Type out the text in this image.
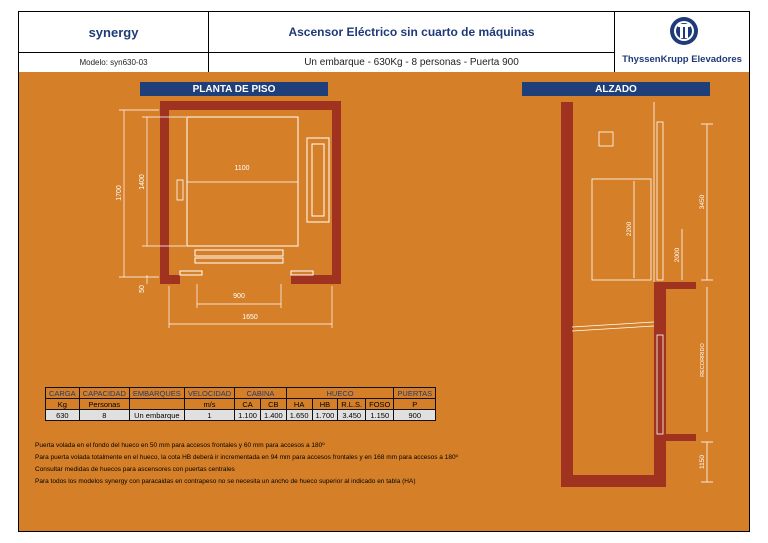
synergy	Ascensor Eléctrico sin cuarto de máquinas
Modelo: syn630-03	Un embarque - 630Kg - 8 personas - Puerta 900	ThyssenKrupp Elevadores
PLANTA DE PISO	ALZADO
1100
1700
1400
50
900
1650
2200
2000
3450
RECORRIDO
1150
CARGA	CAPACIDAD	EMBARQUES	VELOCIDAD	CABINA		HUECO				PUERTAS
Kg	Personas		m/s	CA	CB	HA	HB	R.L.S.	FOSO	P
630	8	Un embarque	1	1.100	1.400	1.650	1.700	3.450	1.150	900
Puerta volada en el fondo del hueco en 50 mm para accesos frontales y 60 mm para accesos a 180º
Para puerta volada totalmente en el hueco, la cota HB deberá ir incrementada en 94 mm para accesos frontales y en 168 mm para accesos a 180º
Consultar medidas de huecos para ascensores con puertas centrales
Para todos los modelos synergy con paracaidas en contrapeso no se necesita un ancho de hueco superior al indicado en tabla (HA)
